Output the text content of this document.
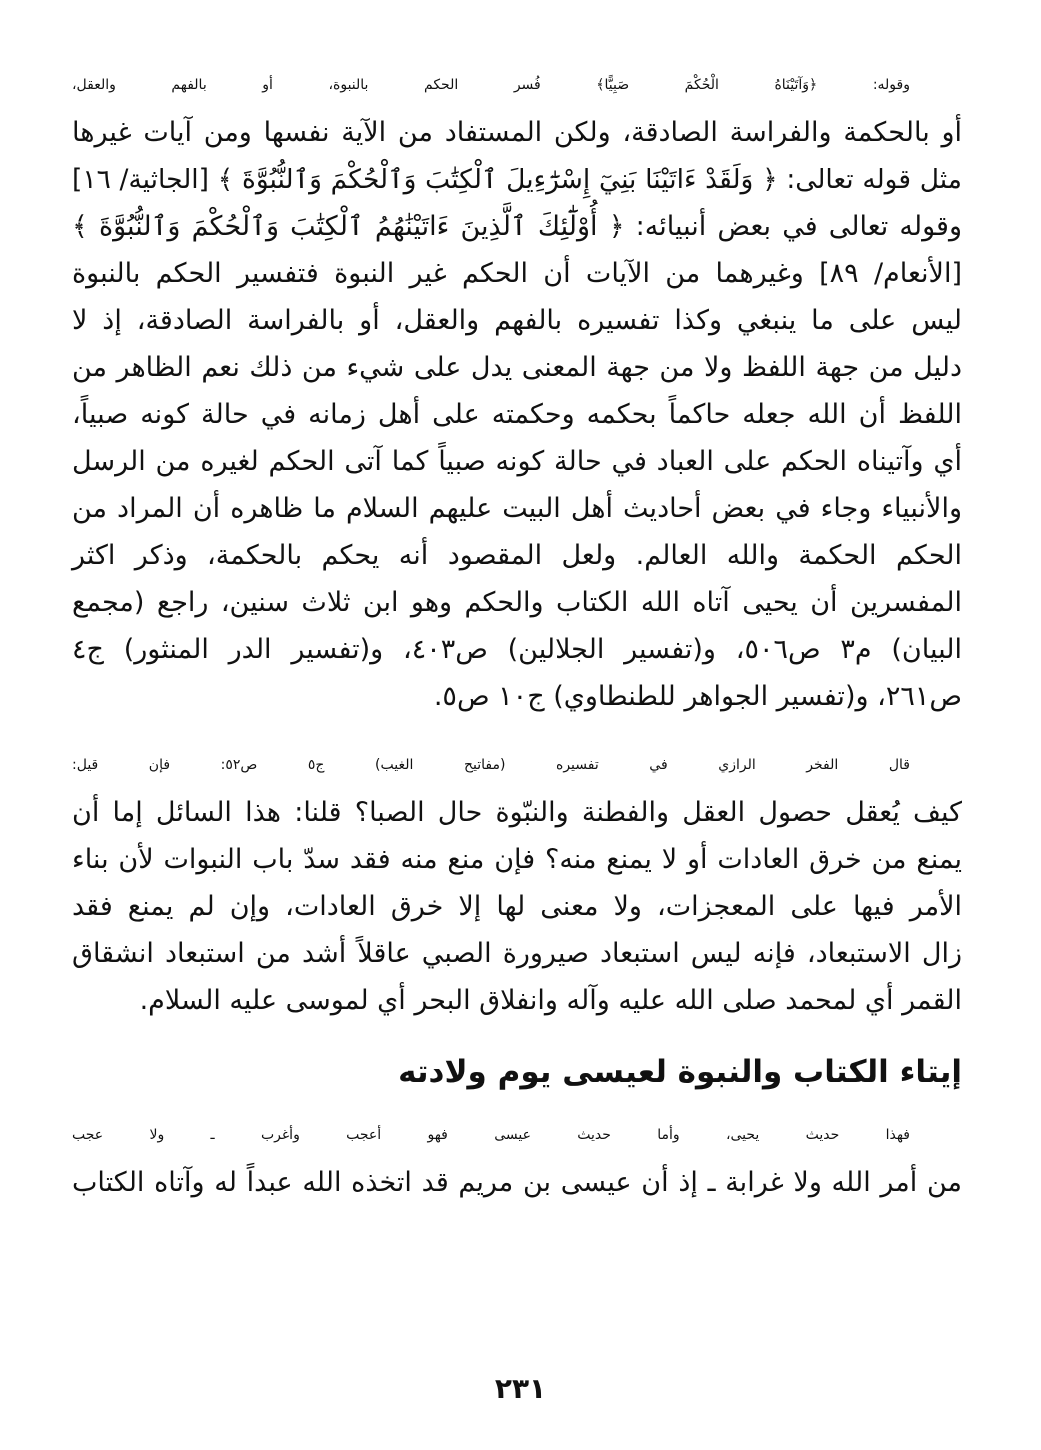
وقوله: ﴿وَآتَيْنَاهُ الْحُكْمَ صَبِيًّا﴾ فُسر الحكم بالنبوة، أو بالفهم والعقل،
أو بالحكمة والفراسة الصادقة، ولكن المستفاد من الآية نفسها ومن آيات غيرها
مثل قوله تعالى: ﴿ وَلَقَدْ ءَاتَيْنَا بَنِيٓ إِسْرَٰٓءِيلَ ٱلْكِتَٰبَ وَٱلْحُكْمَ وَٱلنُّبُوَّةَ ﴾ [الجاثية/ ١٦]
وقوله تعالى في بعض أنبيائه: ﴿ أُوْلَٰٓئِكَ ٱلَّذِينَ ءَاتَيْنَٰهُمُ ٱلْكِتَٰبَ وَٱلْحُكْمَ وَٱلنُّبُوَّةَ ﴾
[الأنعام/ ٨٩] وغيرهما من الآيات أن الحكم غير النبوة فتفسير الحكم بالنبوة
ليس على ما ينبغي وكذا تفسيره بالفهم والعقل، أو بالفراسة الصادقة، إذ لا
دليل من جهة اللفظ ولا من جهة المعنى يدل على شيء من ذلك نعم الظاهر من
اللفظ أن الله جعله حاكماً بحكمه وحكمته على أهل زمانه في حالة كونه صبياً،
أي وآتيناه الحكم على العباد في حالة كونه صبياً كما آتى الحكم لغيره من الرسل
والأنبياء وجاء في بعض أحاديث أهل البيت عليهم السلام ما ظاهره أن المراد من
الحكم الحكمة والله العالم. ولعل المقصود أنه يحكم بالحكمة، وذكر اكثر
المفسرين أن يحيى آتاه الله الكتاب والحكم وهو ابن ثلاث سنين، راجع (مجمع
البيان) م٣ ص٥٠٦، و(تفسير الجلالين) ص٤٠٣، و(تفسير الدر المنثور) ج٤
ص٢٦١، و(تفسير الجواهر للطنطاوي) ج١٠ ص٥.
قال الفخر الرازي في تفسيره (مفاتيح الغيب) ج٥ ص٥٢: فإن قيل:
كيف يُعقل حصول العقل والفطنة والنبّوة حال الصبا؟ قلنا: هذا السائل إما أن
يمنع من خرق العادات أو لا يمنع منه؟ فإن منع منه فقد سدّ باب النبوات لأن بناء
الأمر فيها على المعجزات، ولا معنى لها إلا خرق العادات، وإن لم يمنع فقد
زال الاستبعاد، فإنه ليس استبعاد صيرورة الصبي عاقلاً أشد من استبعاد انشقاق
القمر أي لمحمد صلى الله عليه وآله وانفلاق البحر أي لموسى عليه السلام.
إيتاء الكتاب والنبوة لعيسى يوم ولادته
فهذا حديث يحيى، وأما حديث عيسى فهو أعجب وأغرب ـ ولا عجب
من أمر الله ولا غرابة ـ إذ أن عيسى بن مريم قد اتخذه الله عبداً له وآتاه الكتاب
٢٣١
